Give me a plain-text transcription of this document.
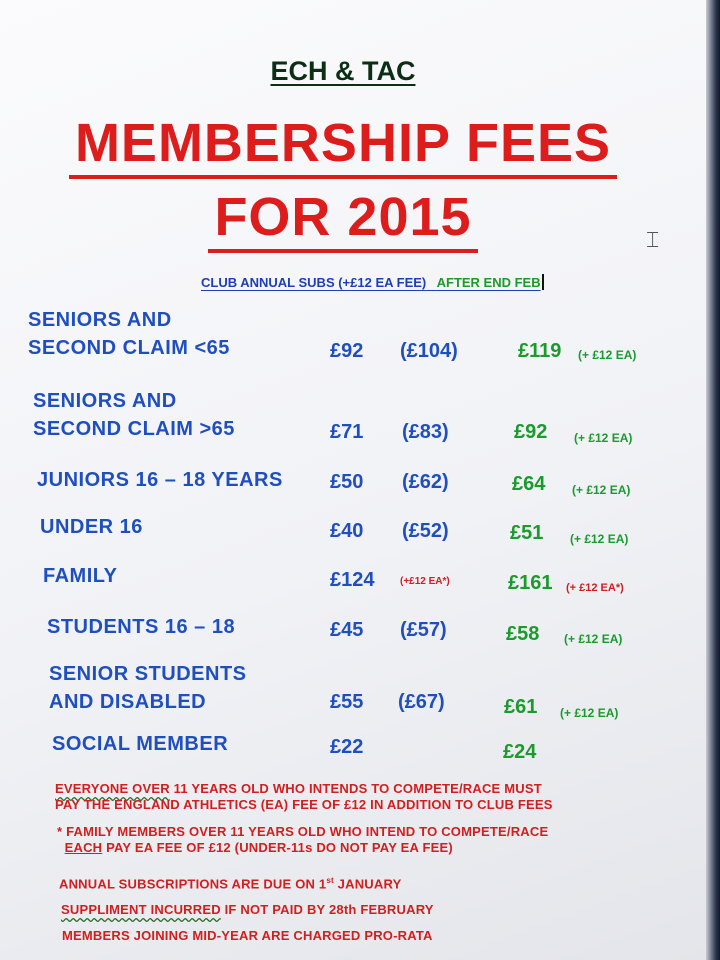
ECH & TAC
MEMBERSHIP FEES
FOR 2015	⌶
CLUB ANNUAL SUBS (+£12 EA FEE) AFTER END FEB
SENIORS AND
SECOND CLAIM <65	£92 (£104)	£119 (+ £12 EA)
SENIORS AND
SECOND CLAIM >65	£71 (£83)	£92 (+ £12 EA)
JUNIORS 16 – 18 YEARS £50 (£62)	£64 (+ £12 EA)
UNDER 16	£40 (£52)	£51 (+ £12 EA)
FAMILY	£124	(+£12 EA*)	£161 (+ £12 EA*)
STUDENTS 16 – 18	£45 (£57)	£58 (+ £12 EA)
SENIOR STUDENTS
AND DISABLED	£55 (£67)	£61 (+ £12 EA)
SOCIAL MEMBER	£22	£24
EVERYONE OVER 11 YEARS OLD WHO INTENDS TO COMPETE/RACE MUST
PAY THE ENGLAND ATHLETICS (EA) FEE OF £12 IN ADDITION TO CLUB FEES
* FAMILY MEMBERS OVER 11 YEARS OLD WHO INTEND TO COMPETE/RACE
EACH PAY EA FEE OF £12 (UNDER-11s DO NOT PAY EA FEE)
ANNUAL SUBSCRIPTIONS ARE DUE ON 1st JANUARY
SUPPLIMENT INCURRED IF NOT PAID BY 28th FEBRUARY
MEMBERS JOINING MID-YEAR ARE CHARGED PRO-RATA
